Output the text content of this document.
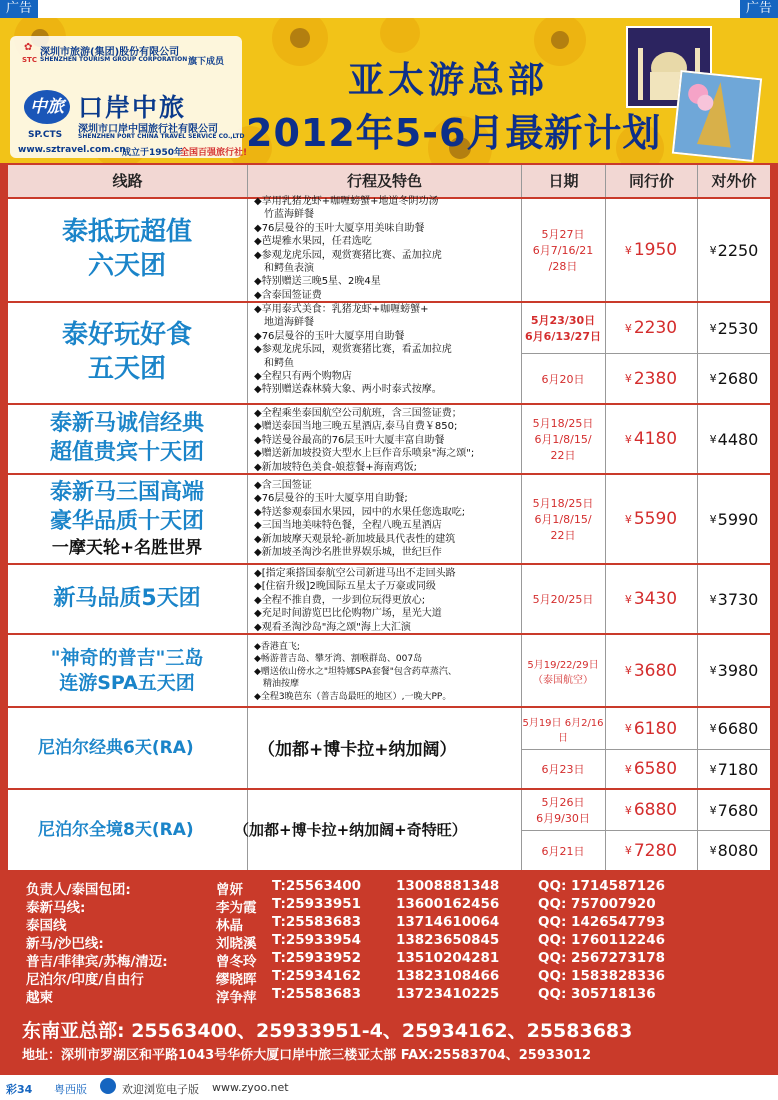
广告	广告
✿ 深圳市旅游(集团)股份有限公司
旗下成员
SHENZHEN TOURISM GROUP CORPORATION
STC
中旅 口岸中旅
深圳市口岸中国旅行社有限公司
SHENZHEN PORT CHINA TRAVEL SERVICE CO.,LTD
SP.CTS
www.sztravel.com.cn
成立于1950年
全国百强旅行社!
亚太游总部
2012年5-6月最新计划
线路	行程及特色	日期	同行价	对外价
泰抵玩超值
六天团
◆享用乳猪龙虾+咖喱螃蟹+地道冬阴功汤
　竹蓝海鲜餐
◆76层曼谷的玉叶大厦享用美味自助餐
◆芭堤雅水果园，任君选吃
◆参观龙虎乐园，观赏赛猪比赛、孟加拉虎
　和鳄鱼表演
◆特别赠送三晚5星、2晚4星
◆含泰国签证费
5月27日
6月7/16/21
/28日
¥ 1950	¥ 2250
泰好玩好食
五天团
◆享用泰式美食：乳猪龙虾+咖喱螃蟹+
　地道海鲜餐
◆76层曼谷的玉叶大厦享用自助餐
◆参观龙虎乐园，观赏赛猪比赛，看孟加拉虎
　和鳄鱼
◆全程只有两个购物店
◆特别赠送森林骑大象、两小时泰式按摩。
5月23/30日
6月6/13/27日
¥ 2230	¥ 2530
6月20日	¥ 2380	¥ 2680
泰新马诚信经典
超值贵宾十天团
◆全程乘坐泰国航空公司航班，含三国签证费；
◆赠送泰国当地三晚五星酒店,泰马自费￥850;
◆特送曼谷最高的76层玉叶大厦丰富自助餐
◆赠送新加坡投资大型水上巨作音乐喷泉"海之颂";
◆新加坡特色美食-娘惹餐+海南鸡饭;
5月18/25日
6月1/8/15/
22日
¥ 4180	¥ 4480
泰新马三国高端
豪华品质十天团
一摩天轮+名胜世界
◆含三国签证
◆76层曼谷的玉叶大厦享用自助餐;
◆特送参观泰国水果园，园中的水果任您选取吃;
◆三国当地美味特色餐，全程八晚五星酒店
◆新加坡摩天观景轮-新加坡最具代表性的建筑
◆新加坡圣淘沙名胜世界娱乐城，世纪巨作
5月18/25日
6月1/8/15/
22日
¥ 5590	¥ 5990
新马品质5天团
◆[指定乘搭国泰航空公司新进马出不走回头路
◆[住宿升级]2晚国际五星太子万豪或同级
◆全程不推自费，一步到位玩得更放心;
◆充足时间游览巴比伦购物广场，星光大道
◆观看圣淘沙岛"海之颂"海上大汇演
5月20/25日	¥ 3430	¥ 3730
"神奇的普吉"三岛
连游SPA五天团
◆香港直飞;
◆畅游普吉岛、攀牙湾、割喉群岛、007岛
◆赠送依山傍水之"坦特娜SPA套餐"包含药草蒸汽、
　精油按摩
◆全程3晚芭东（普吉岛最旺的地区）,一晚大PP。
5月19/22/29日
（泰国航空）
¥ 3680	¥ 3980
尼泊尔经典6天(RA)	（加都+博卡拉+纳加阔）
5月19日 6月2/16日
¥ 6180	¥ 6680
6月23日	¥ 6580	¥ 7180
尼泊尔全境8天(RA)	（加都+博卡拉+纳加阔+奇特旺）
5月26日
6月9/30日
¥ 6880	¥ 7680
6月21日	¥ 7280	¥ 8080
负责人/泰国包团:	曾妍 T:25563400	13008881348	QQ: 1714587126
泰新马线:	李为霞 T:25933951	13600162456	QQ: 757007920
泰国线	林晶 T:25583683	13714610064	QQ: 1426547793
新马/沙巴线:	刘晓溪 T:25933954	13823650845	QQ: 1760112246
普吉/菲律宾/苏梅/清迈:	曾冬玲 T:25933952	13510204281	QQ: 2567273178
尼泊尔/印度/自由行	缪晓晖 T:25934162	13823108466	QQ: 1583828336
越柬	淳争萍 T:25583683	13723410225	QQ: 305718136
东南亚总部: 25563400、25933951-4、25934162、25583683
地址：深圳市罗湖区和平路1043号华侨大厦口岸中旅三楼亚太部 FAX:25583704、25933012
彩34 粤西版	欢迎浏览电子版 www.zyoo.net
